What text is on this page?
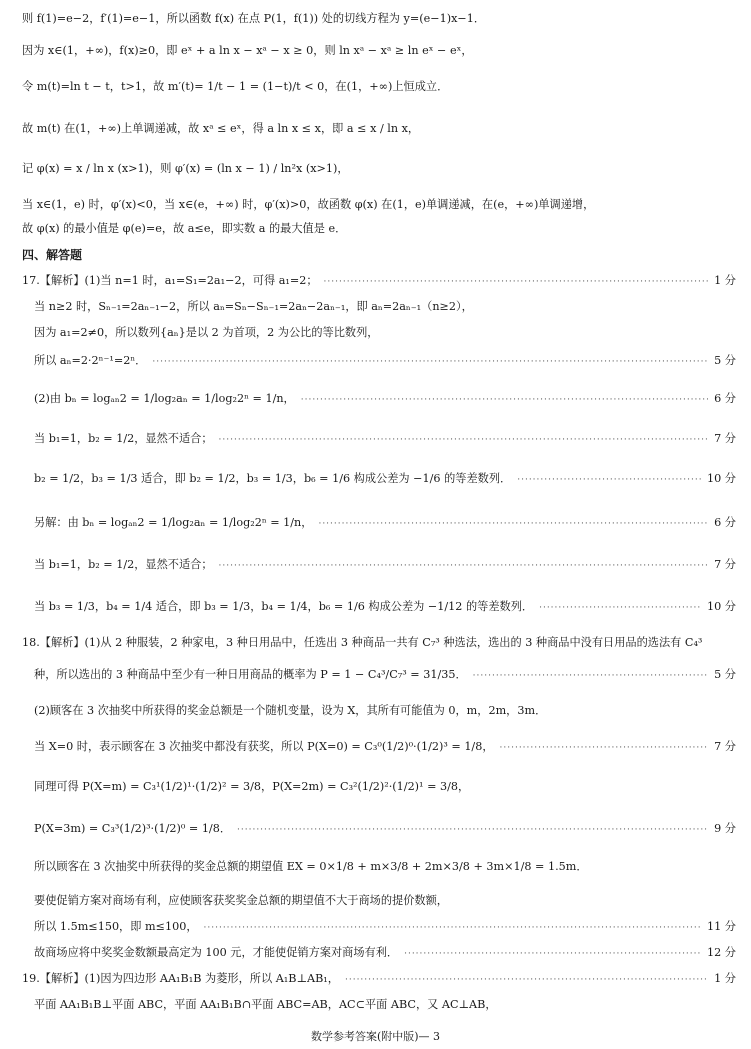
则 f(1)=e−2，f′(1)=e−1，所以函数 f(x) 在点 P(1，f(1)) 处的切线方程为 y=(e−1)x−1．
因为 x∈(1，+∞)，f(x)≥0，即 eˣ + a ln x − xᵃ − x ≥ 0，则 ln xᵃ − xᵃ ≥ ln eˣ − eˣ，
令 m(t)=ln t − t，t>1，故 m′(t)= 1/t − 1 = (1−t)/t < 0，在(1，+∞)上恒成立．
故 m(t) 在(1，+∞)上单调递减，故 xᵃ ≤ eˣ，得 a ln x ≤ x，即 a ≤ x / ln x，
记 φ(x) = x / ln x (x>1)，则 φ′(x) = (ln x − 1) / ln²x (x>1)，
当 x∈(1，e) 时，φ′(x)<0，当 x∈(e，+∞) 时，φ′(x)>0，故函数 φ(x) 在(1，e)单调递减，在(e，+∞)单调递增，
故 φ(x) 的最小值是 φ(e)=e，故 a≤e，即实数 a 的最大值是 e．
四、解答题
17.【解析】(1)当 n=1 时，a₁=S₁=2a₁−2，可得 a₁=2； ·····	1 分
当 n≥2 时，Sₙ₋₁=2aₙ₋₁−2，所以 aₙ=Sₙ−Sₙ₋₁=2aₙ−2aₙ₋₁，即 aₙ=2aₙ₋₁（n≥2），
因为 a₁=2≠0，所以数列{aₙ}是以 2 为首项，2 为公比的等比数列，
所以 aₙ=2·2ⁿ⁻¹=2ⁿ． ·····	5 分
(2)由 bₙ = logₐₙ2 = 1/log₂aₙ = 1/log₂2ⁿ = 1/n， ·····	6 分
当 b₁=1，b₂ = 1/2，显然不适合； ·····	7 分
b₂ = 1/2，b₃ = 1/3 适合，即 b₂ = 1/2，b₃ = 1/3，b₆ = 1/6 构成公差为 −1/6 的等差数列． ·····	10 分
另解：由 bₙ = logₐₙ2 = 1/log₂aₙ = 1/log₂2ⁿ = 1/n， ·····	6 分
当 b₁=1，b₂ = 1/2，显然不适合； ·····	7 分
当 b₃ = 1/3，b₄ = 1/4 适合，即 b₃ = 1/3，b₄ = 1/4，b₆ = 1/6 构成公差为 −1/12 的等差数列． ·····	10 分
18.【解析】(1)从 2 种服装，2 种家电，3 种日用品中，任选出 3 种商品一共有 C₇³ 种选法，选出的 3 种商品中没有日用品的选法有 C₄³
种，所以选出的 3 种商品中至少有一种日用商品的概率为 P = 1 − C₄³/C₇³ = 31/35． ·····	5 分
(2)顾客在 3 次抽奖中所获得的奖金总额是一个随机变量，设为 X，其所有可能值为 0，m，2m，3m．
当 X=0 时，表示顾客在 3 次抽奖中都没有获奖，所以 P(X=0) = C₃⁰(1/2)⁰·(1/2)³ = 1/8， ·····	7 分
同理可得 P(X=m) = C₃¹(1/2)¹·(1/2)² = 3/8，P(X=2m) = C₃²(1/2)²·(1/2)¹ = 3/8，
P(X=3m) = C₃³(1/2)³·(1/2)⁰ = 1/8． ·····	9 分
所以顾客在 3 次抽奖中所获得的奖金总额的期望值 EX = 0×1/8 + m×3/8 + 2m×3/8 + 3m×1/8 = 1.5m．
要使促销方案对商场有利，应使顾客获奖奖金总额的期望值不大于商场的提价数额，
所以 1.5m≤150，即 m≤100， ·····	11 分
故商场应将中奖奖金数额最高定为 100 元，才能使促销方案对商场有利． ·····	12 分
19.【解析】(1)因为四边形 AA₁B₁B 为菱形，所以 A₁B⊥AB₁， ·····	1 分
平面 AA₁B₁B⊥平面 ABC，平面 AA₁B₁B∩平面 ABC=AB，AC⊂平面 ABC，又 AC⊥AB，
数学参考答案(附中版)— 3
